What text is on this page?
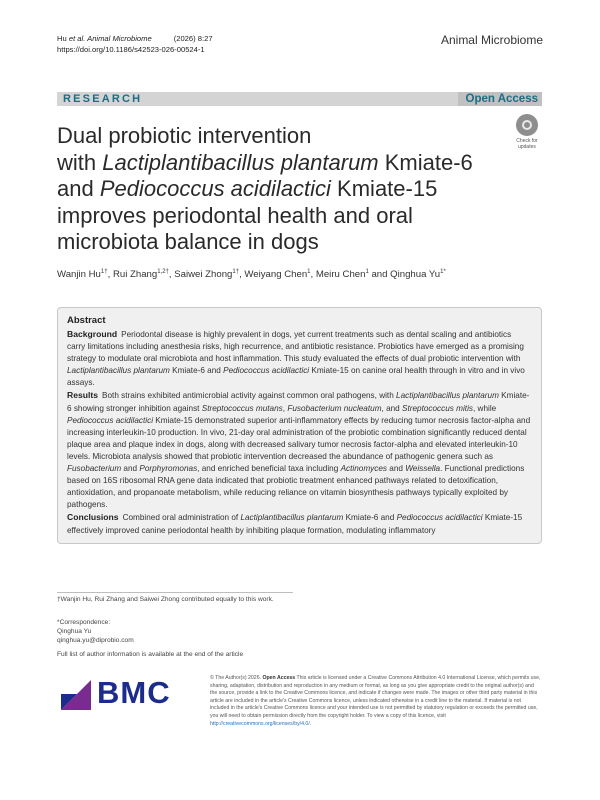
Hu et al. Animal Microbiome	(2026) 8:27
https://doi.org/10.1186/s42523-026-00524-1
Animal Microbiome
RESEARCH	Open Access
Dual probiotic intervention
with Lactiplantibacillus plantarum Kmiate-6
and Pediococcus acidilactici Kmiate-15
improves periodontal health and oral
microbiota balance in dogs
Check for
updates
Wanjin $Hu^{1\dagger}$, Rui Zhang$^{1,2\dagger}$, Saiwei Zhong$^{1\dagger}$, Weiyang Chen$^1$, Meiru Chen$^1$ and Qinghua $Yu^{1*}$
Abstract

Background Periodontal disease is highly prevalent in dogs, yet current treatments such as dental scaling and antibiotics carry limitations including anesthesia risks, high recurrence, and antibiotic resistance. Probiotics have emerged as a promising strategy to modulate oral microbiota and host inflammation. This study evaluated the effects of dual probiotic intervention with Lactiplantibacillus plantarum Kmiate-6 and Pediococcus acidilactici Kmiate-15 on canine oral health through in vitro and in vivo assays.

Results Both strains exhibited antimicrobial activity against common oral pathogens, with Lactiplantibacillus plantarum Kmiate-6 showing stronger inhibition against Streptococcus mutans, Fusobacterium nucleatum, and Streptococcus mitis, while Pediococcus acidilactici Kmiate-15 demonstrated superior anti-inflammatory effects by reducing tumor necrosis factor-alpha and increasing interleukin-10 production. In vivo, 21-day oral administration of the probiotic combination significantly reduced dental plaque area and plaque index in dogs, along with decreased salivary tumor necrosis factor-alpha and elevated interleukin-10 levels. Microbiota analysis showed that probiotic intervention decreased the abundance of pathogenic genera such as Fusobacterium and Porphyromonas, and enriched beneficial taxa including Actinomyces and Weissella. Functional predictions based on 16S ribosomal RNA gene data indicated that probiotic treatment enhanced pathways related to detoxification, antioxidation, and propanoate metabolism, while reducing reliance on vitamin biosynthesis pathways typically exploited by pathogens.

Conclusions Combined oral administration of Lactiplantibacillus plantarum Kmiate-6 and Pediococcus acidilactici Kmiate-15 effectively improved canine periodontal health by inhibiting plaque formation, modulating inflammatory

†Wanjin Hu, Rui Zhang and Saiwei Zhong contributed equally to this work.
*Correspondence:
Qinghua Yu
qinghua.yu@diprobio.com
Full list of author information is available at the end of the article
BMC	© The Author(s) 2026. Open Access This article is licensed under a Creative Commons Attribution 4.0 International License, which permits use, sharing, adaptation, distribution and reproduction in any medium or format, as long as you give appropriate credit to the original author(s) and the source, provide a link to the Creative Commons licence, and indicate if changes were made. The images or other third party material in this article are included in the article's Creative Commons licence, unless indicated otherwise in a credit line to the material. If material is not included in the article's Creative Commons licence and your intended use is not permitted by statutory regulation or exceeds the permitted use, you will need to obtain permission directly from the copyright holder. To view a copy of this licence, visit http://creativecommons.org/licenses/by/4.0/.
